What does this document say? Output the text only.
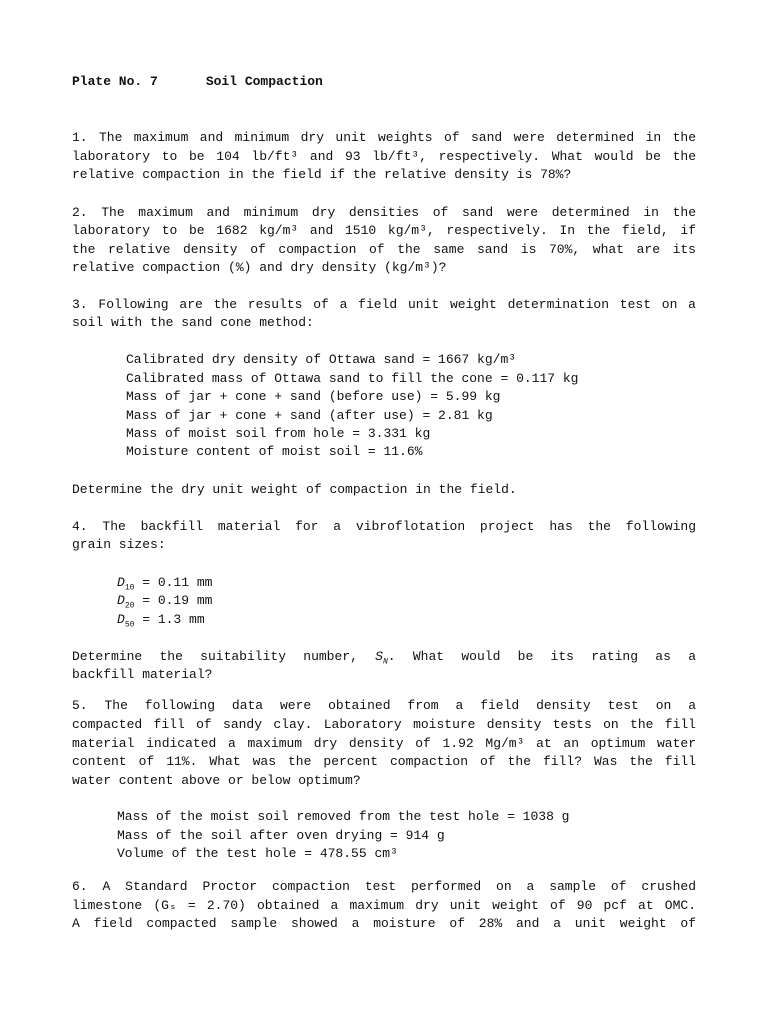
Plate No. 7	Soil Compaction
1. The maximum and minimum dry unit weights of sand were determined in the
laboratory to be 104 lb/ft³ and 93 lb/ft³, respectively. What would be the
relative compaction in the field if the relative density is 78%?
2. The maximum and minimum dry densities of sand were determined in the
laboratory to be 1682 kg/m³ and 1510 kg/m³, respectively. In the field, if
the relative density of compaction of the same sand is 70%, what are its
relative compaction (%) and dry density (kg/m³)?
3. Following are the results of a field unit weight determination test on a
soil with the sand cone method:
Calibrated dry density of Ottawa sand = 1667 kg/m³
Calibrated mass of Ottawa sand to fill the cone = 0.117 kg
Mass of jar + cone + sand (before use) = 5.99 kg
Mass of jar + cone + sand (after use) = 2.81 kg
Mass of moist soil from hole = 3.331 kg
Moisture content of moist soil = 11.6%
Determine the dry unit weight of compaction in the field.
4. The backfill material for a vibroflotation project has the following
grain sizes:
$D_{10} = 0.11$ mm
$D_{20} = 0.19$ mm
$D_{50} = 1.3$ mm
Determine the suitability number, $S_N$. What would be its rating as a
backfill material?
5. The following data were obtained from a field density test on a
compacted fill of sandy clay. Laboratory moisture density tests on the fill
material indicated a maximum dry density of 1.92 Mg/m³ at an optimum water
content of 11%. What was the percent compaction of the fill? Was the fill
water content above or below optimum?
Mass of the moist soil removed from the test hole = 1038 g
Mass of the soil after oven drying = 914 g
Volume of the test hole = 478.55 cm³
6. A Standard Proctor compaction test performed on a sample of crushed
limestone (Gₛ = 2.70) obtained a maximum dry unit weight of 90 pcf at OMC.
A field compacted sample showed a moisture of 28% and a unit weight of
